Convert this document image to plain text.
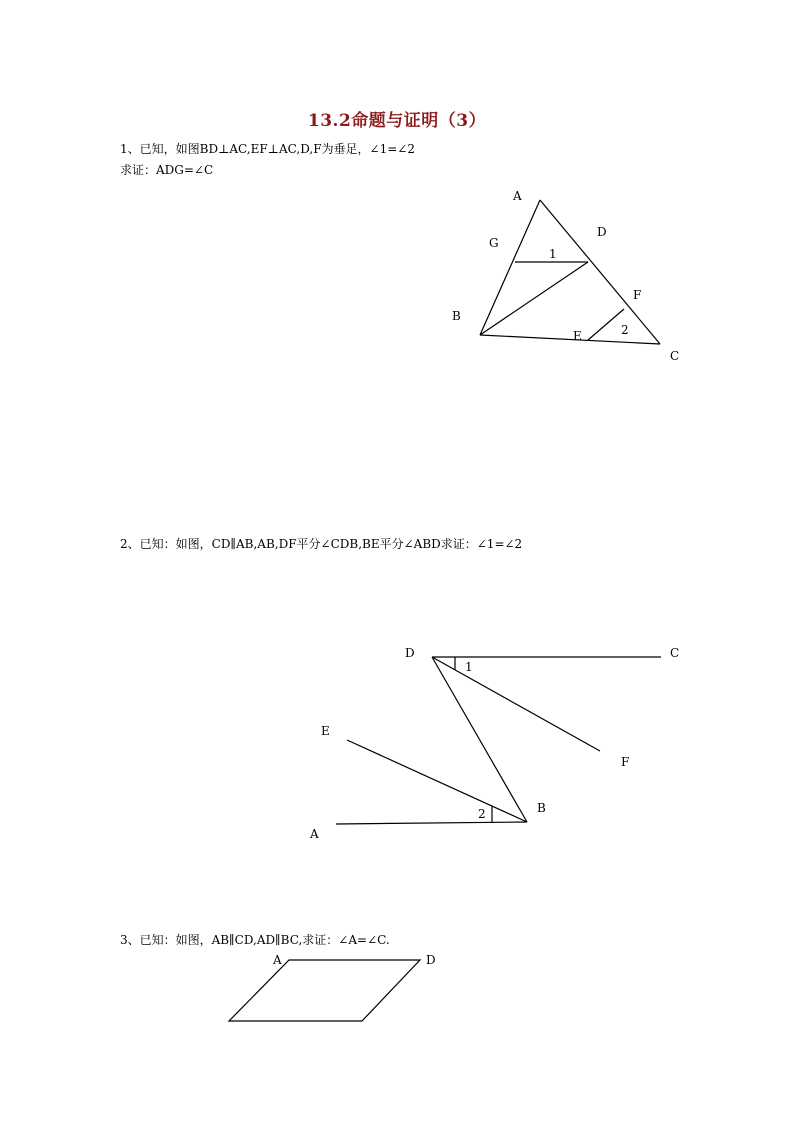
13.2命题与证明（3）
1、已知，如图BD⊥AC,EF⊥AC,D,F为垂足，∠1=∠2
求证：ADG=∠C
2、已知：如图，CD∥AB,AB,DF平分∠CDB,BE平分∠ABD求证：∠1=∠2
3、已知：如图，AB∥CD,AD∥BC,求证：∠A=∠C.
A
B
C
D
E
F
G
1
2
D	C
E
F
B
A
1
2
A	D
